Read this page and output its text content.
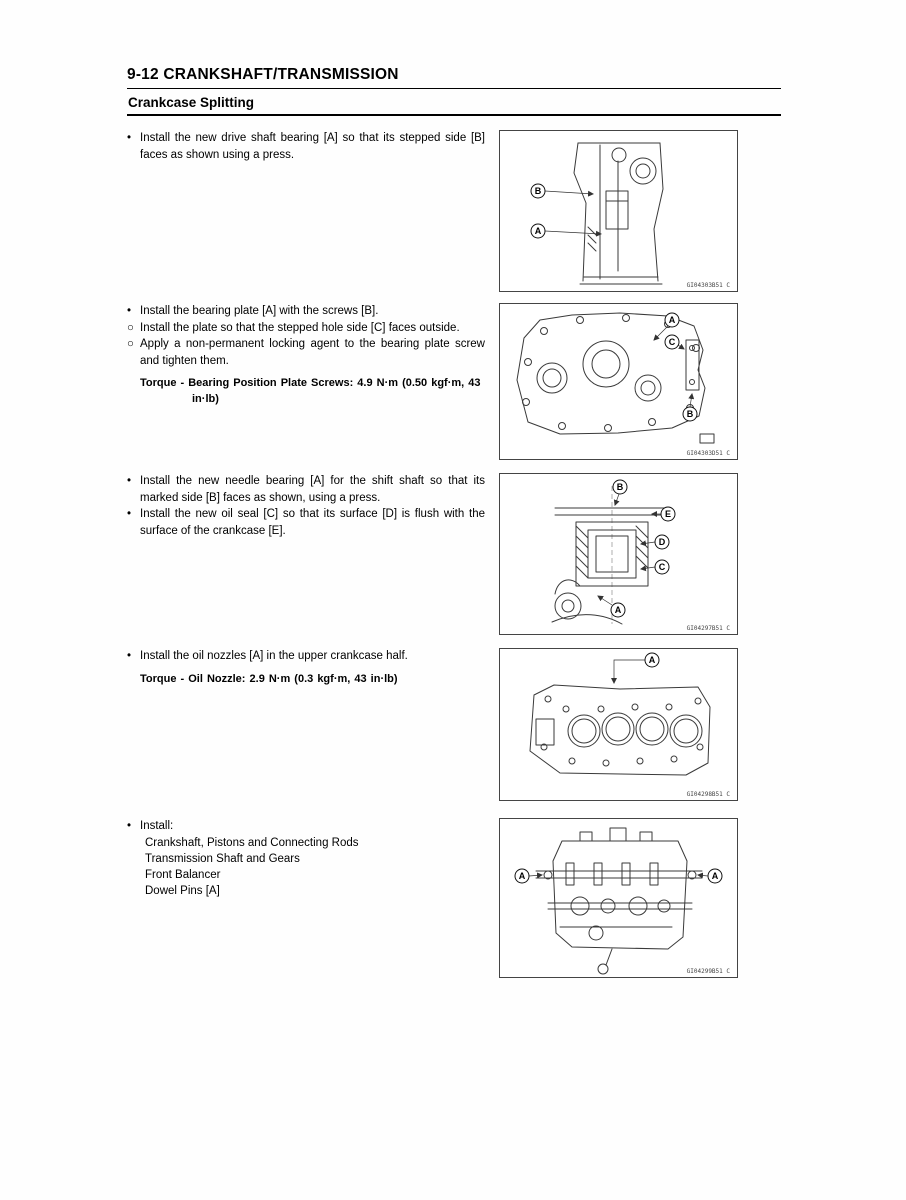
9-12 CRANKSHAFT/TRANSMISSION
Crankcase Splitting
• Install the new drive shaft bearing [A] so that its stepped side [B] faces as shown using a press.
B
A
GI04303B51 C
• Install the bearing plate [A] with the screws [B].
○ Install the plate so that the stepped hole side [C] faces outside.
○ Apply a non-permanent locking agent to the bearing plate screw and tighten them.
Torque - Bearing Position Plate Screws: 4.9 N·m (0.50 kgf·m, 43 in·lb)
A
C
B
GI04303D51 C
• Install the new needle bearing [A] for the shift shaft so that its marked side [B] faces as shown, using a press.
• Install the new oil seal [C] so that its surface [D] is flush with the surface of the crankcase [E].
B
E
D
C
A
GI04297B51 C
• Install the oil nozzles [A] in the upper crankcase half.
Torque - Oil Nozzle: 2.9 N·m (0.3 kgf·m, 43 in·lb)
A
GI04298B51 C
• Install:
Crankshaft, Pistons and Connecting Rods
Transmission Shaft and Gears
Front Balancer
Dowel Pins [A]
A	A
GI04299B51 C
